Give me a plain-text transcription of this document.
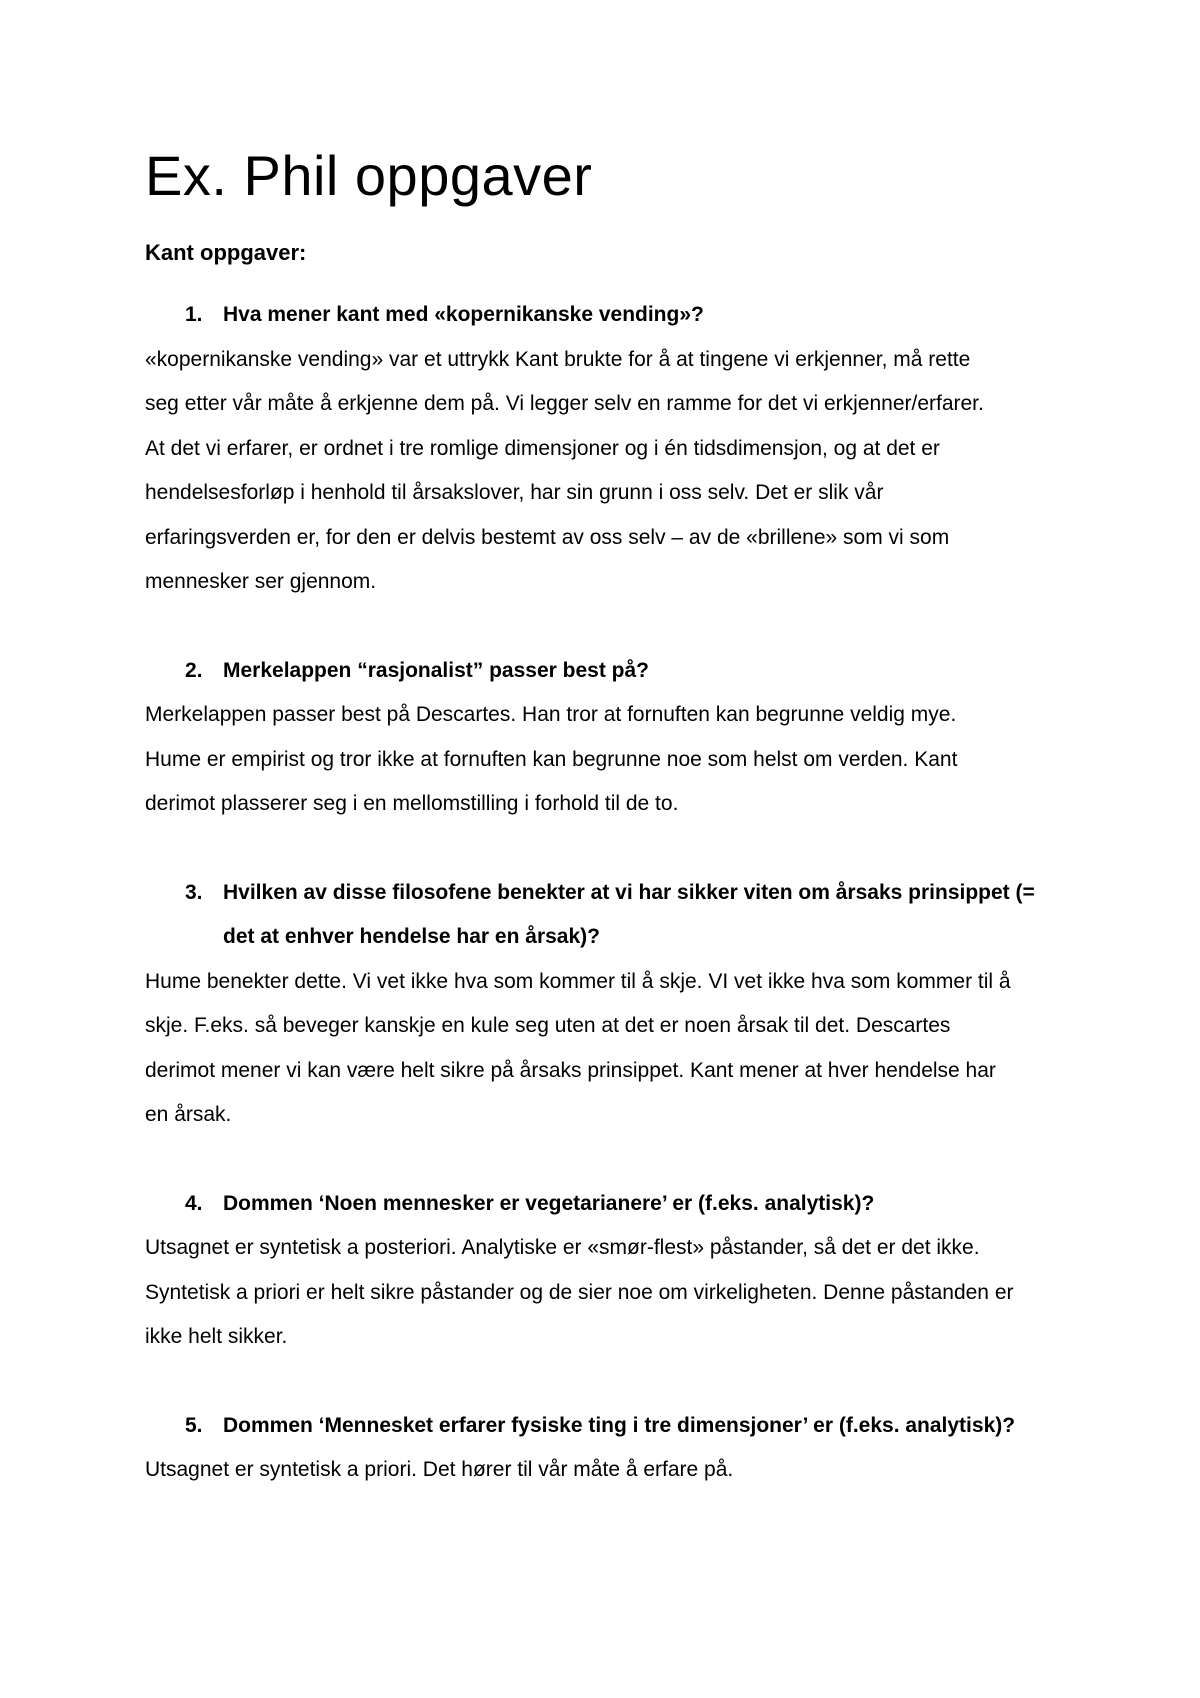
Ex. Phil oppgaver
Kant oppgaver:
1. Hva mener kant med «kopernikanske vending»?
«kopernikanske vending» var et uttrykk Kant brukte for å at tingene vi erkjenner, må rette
seg etter vår måte å erkjenne dem på. Vi legger selv en ramme for det vi erkjenner/erfarer.
At det vi erfarer, er ordnet i tre romlige dimensjoner og i én tidsdimensjon, og at det er
hendelsesforløp i henhold til årsakslover, har sin grunn i oss selv. Det er slik vår
erfaringsverden er, for den er delvis bestemt av oss selv – av de «brillene» som vi som
mennesker ser gjennom.
2. Merkelappen “rasjonalist” passer best på?
Merkelappen passer best på Descartes. Han tror at fornuften kan begrunne veldig mye.
Hume er empirist og tror ikke at fornuften kan begrunne noe som helst om verden. Kant
derimot plasserer seg i en mellomstilling i forhold til de to.
3. Hvilken av disse filosofene benekter at vi har sikker viten om årsaks prinsippet (=
det at enhver hendelse har en årsak)?
Hume benekter dette. Vi vet ikke hva som kommer til å skje. VI vet ikke hva som kommer til å
skje. F.eks. så beveger kanskje en kule seg uten at det er noen årsak til det. Descartes
derimot mener vi kan være helt sikre på årsaks prinsippet. Kant mener at hver hendelse har
en årsak.
4. Dommen ‘Noen mennesker er vegetarianere’ er (f.eks. analytisk)?
Utsagnet er syntetisk a posteriori. Analytiske er «smør-flest» påstander, så det er det ikke.
Syntetisk a priori er helt sikre påstander og de sier noe om virkeligheten. Denne påstanden er
ikke helt sikker.
5. Dommen ‘Mennesket erfarer fysiske ting i tre dimensjoner’ er (f.eks. analytisk)?
Utsagnet er syntetisk a priori. Det hører til vår måte å erfare på.
